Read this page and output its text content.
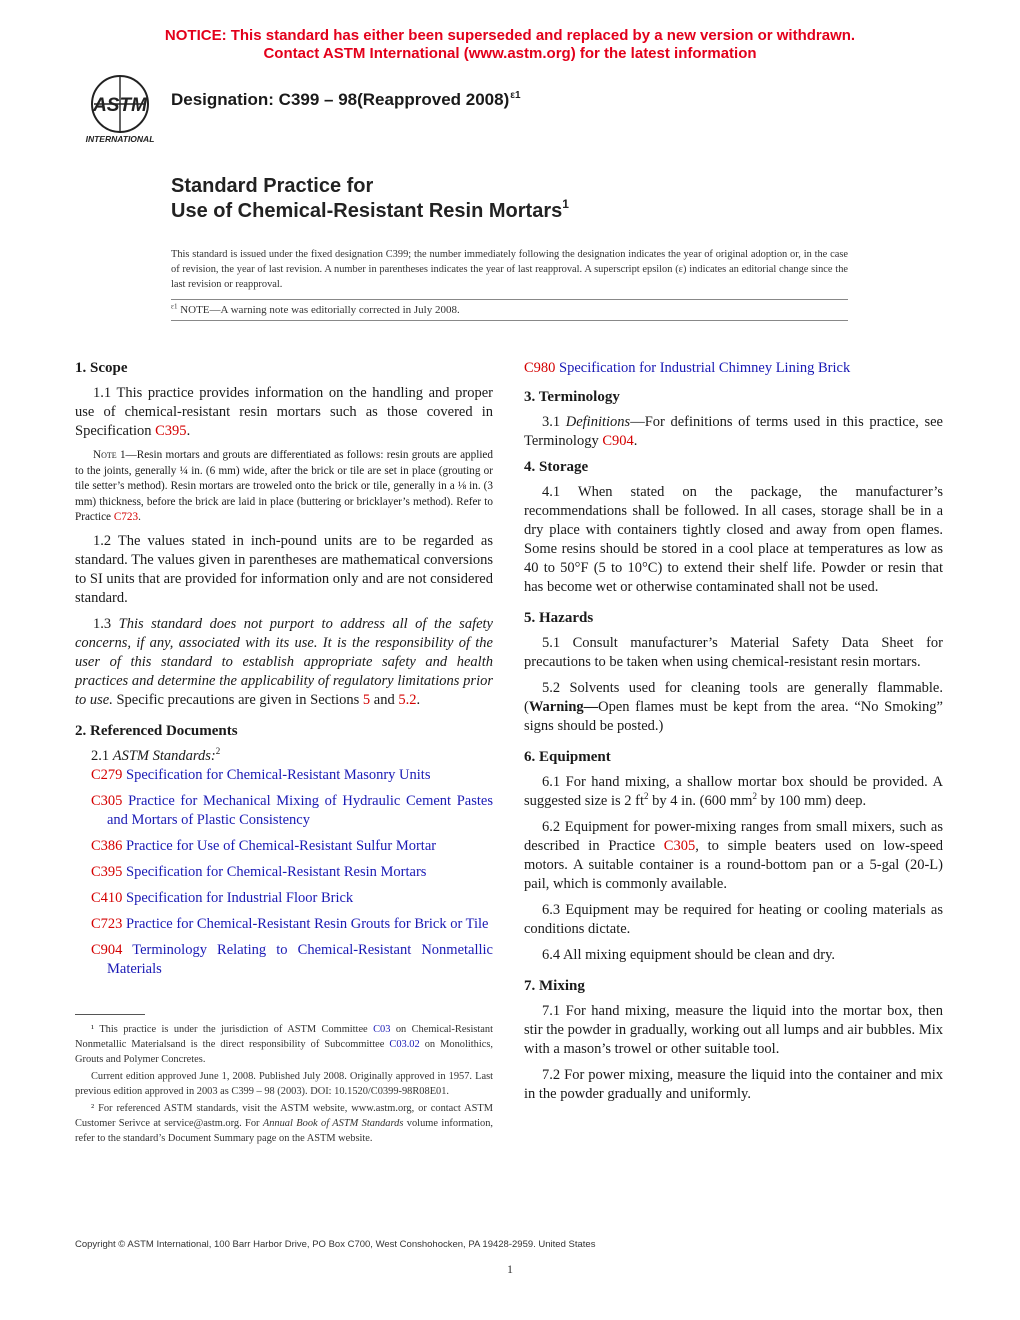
NOTICE: This standard has either been superseded and replaced by a new version or withdrawn.
Contact ASTM International (www.astm.org) for the latest information
ASTM
INTERNATIONAL
Designation: C399 – 98(Reapproved 2008)$^{\varepsilon 1}$
Standard Practice for
Use of Chemical-Resistant Resin Mortars$^1$
This standard is issued under the fixed designation C399; the number immediately following the designation indicates the year of original adoption or, in the case of revision, the year of last revision. A number in parentheses indicates the year of last reapproval. A superscript epsilon (ε) indicates an editorial change since the last revision or reapproval.
$^{\varepsilon 1}$ NOTE—A warning note was editorially corrected in July 2008.
1. Scope

1.1 This practice provides information on the handling and proper use of chemical-resistant resin mortars such as those covered in Specification C395.

Note 1—Resin mortars and grouts are differentiated as follows: resin grouts are applied to the joints, generally ¼ in. (6 mm) wide, after the brick or tile are set in place (grouting or tile setter’s method). Resin mortars are troweled onto the brick or tile, generally in a ⅛ in. (3 mm) thickness, before the brick are laid in place (buttering or bricklayer’s method). Refer to Practice C723.

1.2 The values stated in inch-pound units are to be regarded as standard. The values given in parentheses are mathematical conversions to SI units that are provided for information only and are not considered standard.

1.3 This standard does not purport to address all of the safety concerns, if any, associated with its use. It is the responsibility of the user of this standard to establish appropriate safety and health practices and determine the applicability of regulatory limitations prior to use. Specific precautions are given in Sections 5 and 5.2.

2. Referenced Documents

2.1 ASTM Standards:$^2$

C279 Specification for Chemical-Resistant Masonry Units

C305 Practice for Mechanical Mixing of Hydraulic Cement Pastes and Mortars of Plastic Consistency

C386 Practice for Use of Chemical-Resistant Sulfur Mortar

C395 Specification for Chemical-Resistant Resin Mortars

C410 Specification for Industrial Floor Brick

C723 Practice for Chemical-Resistant Resin Grouts for Brick or Tile

C904 Terminology Relating to Chemical-Resistant Nonmetallic Materials

¹ This practice is under the jurisdiction of ASTM Committee C03 on Chemical-Resistant Nonmetallic Materialsand is the direct responsibility of Subcommittee C03.02 on Monolithics, Grouts and Polymer Concretes.

Current edition approved June 1, 2008. Published July 2008. Originally approved in 1957. Last previous edition approved in 2003 as C399 – 98 (2003). DOI: 10.1520/C0399-98R08E01.

² For referenced ASTM standards, visit the ASTM website, www.astm.org, or contact ASTM Customer Serivce at service@astm.org. For Annual Book of ASTM Standards volume information, refer to the standard’s Document Summary page on the ASTM website.

C980 Specification for Industrial Chimney Lining Brick

3. Terminology

3.1 Definitions—For definitions of terms used in this practice, see Terminology C904.

4. Storage

4.1 When stated on the package, the manufacturer’s recommendations shall be followed. In all cases, storage shall be in a dry place with containers tightly closed and away from open flames. Some resins should be stored in a cool place at temperatures as low as 40 to 50°F (5 to 10°C) to extend their shelf life. Powder or resin that has become wet or otherwise contaminated shall not be used.

5. Hazards

5.1 Consult manufacturer’s Material Safety Data Sheet for precautions to be taken when using chemical-resistant resin mortars.

5.2 Solvents used for cleaning tools are generally flammable. (Warning—Open flames must be kept from the area. “No Smoking” signs should be posted.)

6. Equipment

6.1 For hand mixing, a shallow mortar box should be provided. A suggested size is 2 $ft^2$ by 4 in. (600 $mm^2$ by 100 mm) deep.

6.2 Equipment for power-mixing ranges from small mixers, such as described in Practice C305, to simple beaters used on low-speed motors. A suitable container is a round-bottom pan or a 5-gal (20-L) pail, which is commonly available.

6.3 Equipment may be required for heating or cooling materials as conditions dictate.

6.4 All mixing equipment should be clean and dry.

7. Mixing

7.1 For hand mixing, measure the liquid into the mortar box, then stir the powder in gradually, working out all lumps and air bubbles. Mix with a mason’s trowel or other suitable tool.

7.2 For power mixing, measure the liquid into the container and mix in the powder gradually and uniformly.

Copyright © ASTM International, 100 Barr Harbor Drive, PO Box C700, West Conshohocken, PA 19428-2959. United States
1
